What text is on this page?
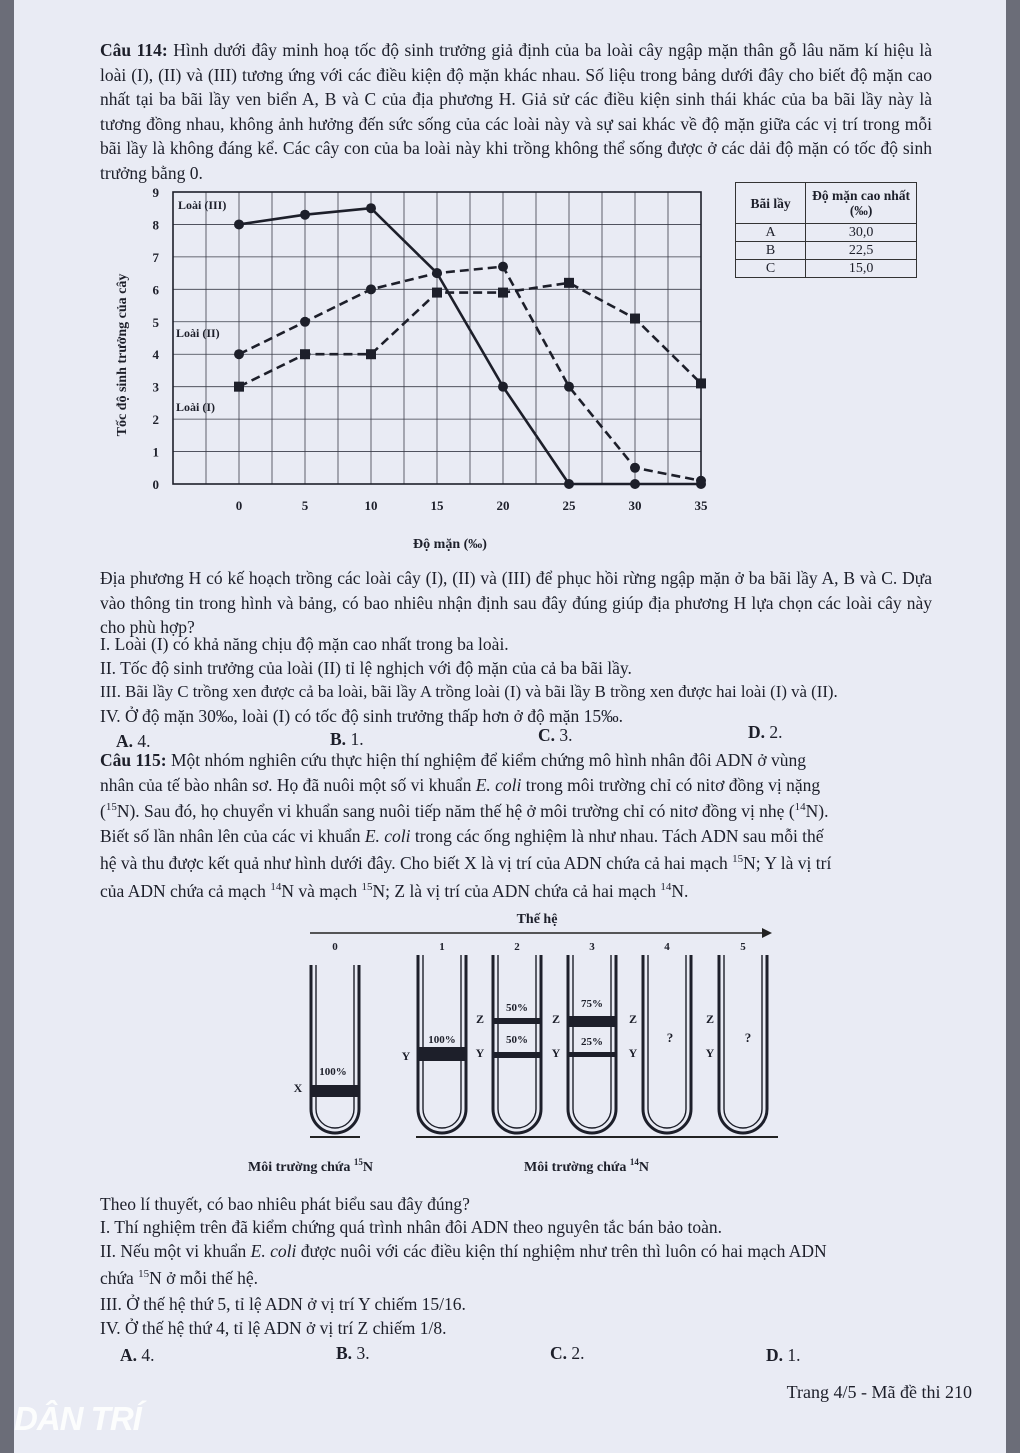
Câu 114: Hình dưới đây minh hoạ tốc độ sinh trưởng giả định của ba loài cây ngập mặn thân gỗ lâu năm kí hiệu là loài (I), (II) và (III) tương ứng với các điều kiện độ mặn khác nhau. Số liệu trong bảng dưới đây cho biết độ mặn cao nhất tại ba bãi lầy ven biển A, B và C của địa phương H. Giả sử các điều kiện sinh thái khác của ba bãi lầy này là tương đồng nhau, không ảnh hưởng đến sức sống của các loài này và sự sai khác về độ mặn giữa các vị trí trong mỗi bãi lầy là không đáng kể. Các cây con của ba loài này khi trồng không thể sống được ở các dải độ mặn có tốc độ sinh trưởng bằng 0.
0	5	10	15	20	25	30	35
0
1
2
3
4
5
6
7
8
9
Tốc độ sinh trưởng của cây
Độ mặn (‰)
Loài (III)
Loài (II)
Loài (I)
Bãi lầy	Độ mặn cao nhất (‰)
A	30,0
B	22,5
C	15,0
Địa phương H có kế hoạch trồng các loài cây (I), (II) và (III) để phục hồi rừng ngập mặn ở ba bãi lầy A, B và C. Dựa vào thông tin trong hình và bảng, có bao nhiêu nhận định sau đây đúng giúp địa phương H lựa chọn các loài cây này cho phù hợp?
I. Loài (I) có khả năng chịu độ mặn cao nhất trong ba loài.
II. Tốc độ sinh trưởng của loài (II) tỉ lệ nghịch với độ mặn của cả ba bãi lầy.
III. Bãi lầy C trồng xen được cả ba loài, bãi lầy A trồng loài (I) và bãi lầy B trồng xen được hai loài (I) và (II).
IV. Ở độ mặn 30‰, loài (I) có tốc độ sinh trưởng thấp hơn ở độ mặn 15‰.
A. 4.	B. 1.	C. 3.	D. 2.
Câu 115: Một nhóm nghiên cứu thực hiện thí nghiệm để kiểm chứng mô hình nhân đôi ADN ở vùng
nhân của tế bào nhân sơ. Họ đã nuôi một số vi khuẩn E. coli trong môi trường chỉ có nitơ đồng vị nặng
($^{15}$N). Sau đó, họ chuyển vi khuẩn sang nuôi tiếp năm thế hệ ở môi trường chỉ có nitơ đồng vị nhẹ ($^{14}$N).
Biết số lần nhân lên của các vi khuẩn E. coli trong các ống nghiệm là như nhau. Tách ADN sau mỗi thế
hệ và thu được kết quả như hình dưới đây. Cho biết X là vị trí của ADN chứa cả hai mạch $^{15}$N; Y là vị trí
của ADN chứa cả mạch $^{14}$N và mạch $^{15}$N; Z là vị trí của ADN chứa cả hai mạch $^{14}$N.
Thế hệ
0	1	2	3	4	5
100%
X
100%
Y
50%
50%
Z
Y
75%
25%
Z
Y
Z
Y
?
Z
Y
?
Môi trường chứa $^{15}$N	Môi trường chứa $^{14}$N
Theo lí thuyết, có bao nhiêu phát biểu sau đây đúng?
I. Thí nghiệm trên đã kiểm chứng quá trình nhân đôi ADN theo nguyên tắc bán bảo toàn.
II. Nếu một vi khuẩn E. coli được nuôi với các điều kiện thí nghiệm như trên thì luôn có hai mạch ADN
chứa $^{15}$N ở mỗi thế hệ.
III. Ở thế hệ thứ 5, tỉ lệ ADN ở vị trí Y chiếm 15/16.
IV. Ở thế hệ thứ 4, tỉ lệ ADN ở vị trí Z chiếm 1/8.
A. 4.	B. 3.	C. 2.	D. 1.
Trang 4/5 - Mã đề thi 210
DÂN TRÍ
